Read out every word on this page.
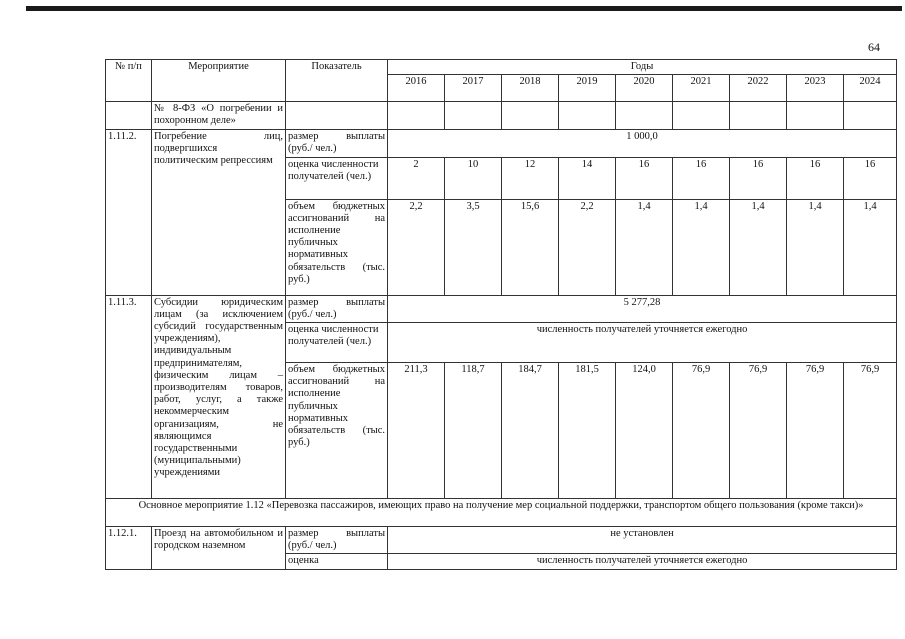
64
№ п/п	Мероприятие	Показатель	Годы								
			2016	2017	2018	2019	2020	2021	2022	2023	2024
	№ 8-ФЗ «О погребении и похоронном деле»										
1.11.2.	Погребение лиц, подвергшихся политическим репрессиям	размер выплаты (руб./ чел.)	1 000,0								
		оценка численности получателей (чел.)	2	10	12	14	16	16	16	16	16
		объем бюджетных ассигнований на исполнение публичных нормативных обязательств (тыс. руб.)	2,2	3,5	15,6	2,2	1,4	1,4	1,4	1,4	1,4
1.11.3.	Субсидии юридическим лицам (за исключением субсидий государственным учреждениям), индивидуальным предпринимателям, физическим лицам – производителям товаров, работ, услуг, а также некоммерческим организациям, не являющимся государственными (муниципальными) учреждениями	размер выплаты (руб./ чел.)	5 277,28								
		оценка численности получателей (чел.)	численность получателей уточняется ежегодно								
		объем бюджетных ассигнований на исполнение публичных нормативных обязательств (тыс. руб.)	211,3	118,7	184,7	181,5	124,0	76,9	76,9	76,9	76,9
Основное мероприятие 1.12 «Перевозка пассажиров, имеющих право на получение мер социальной поддержки, транспортом общего пользования (кроме такси)»											
1.12.1.	Проезд на автомобильном и городском наземном	размер выплаты (руб./ чел.)	не установлен								
		оценка	численность получателей уточняется ежегодно								
